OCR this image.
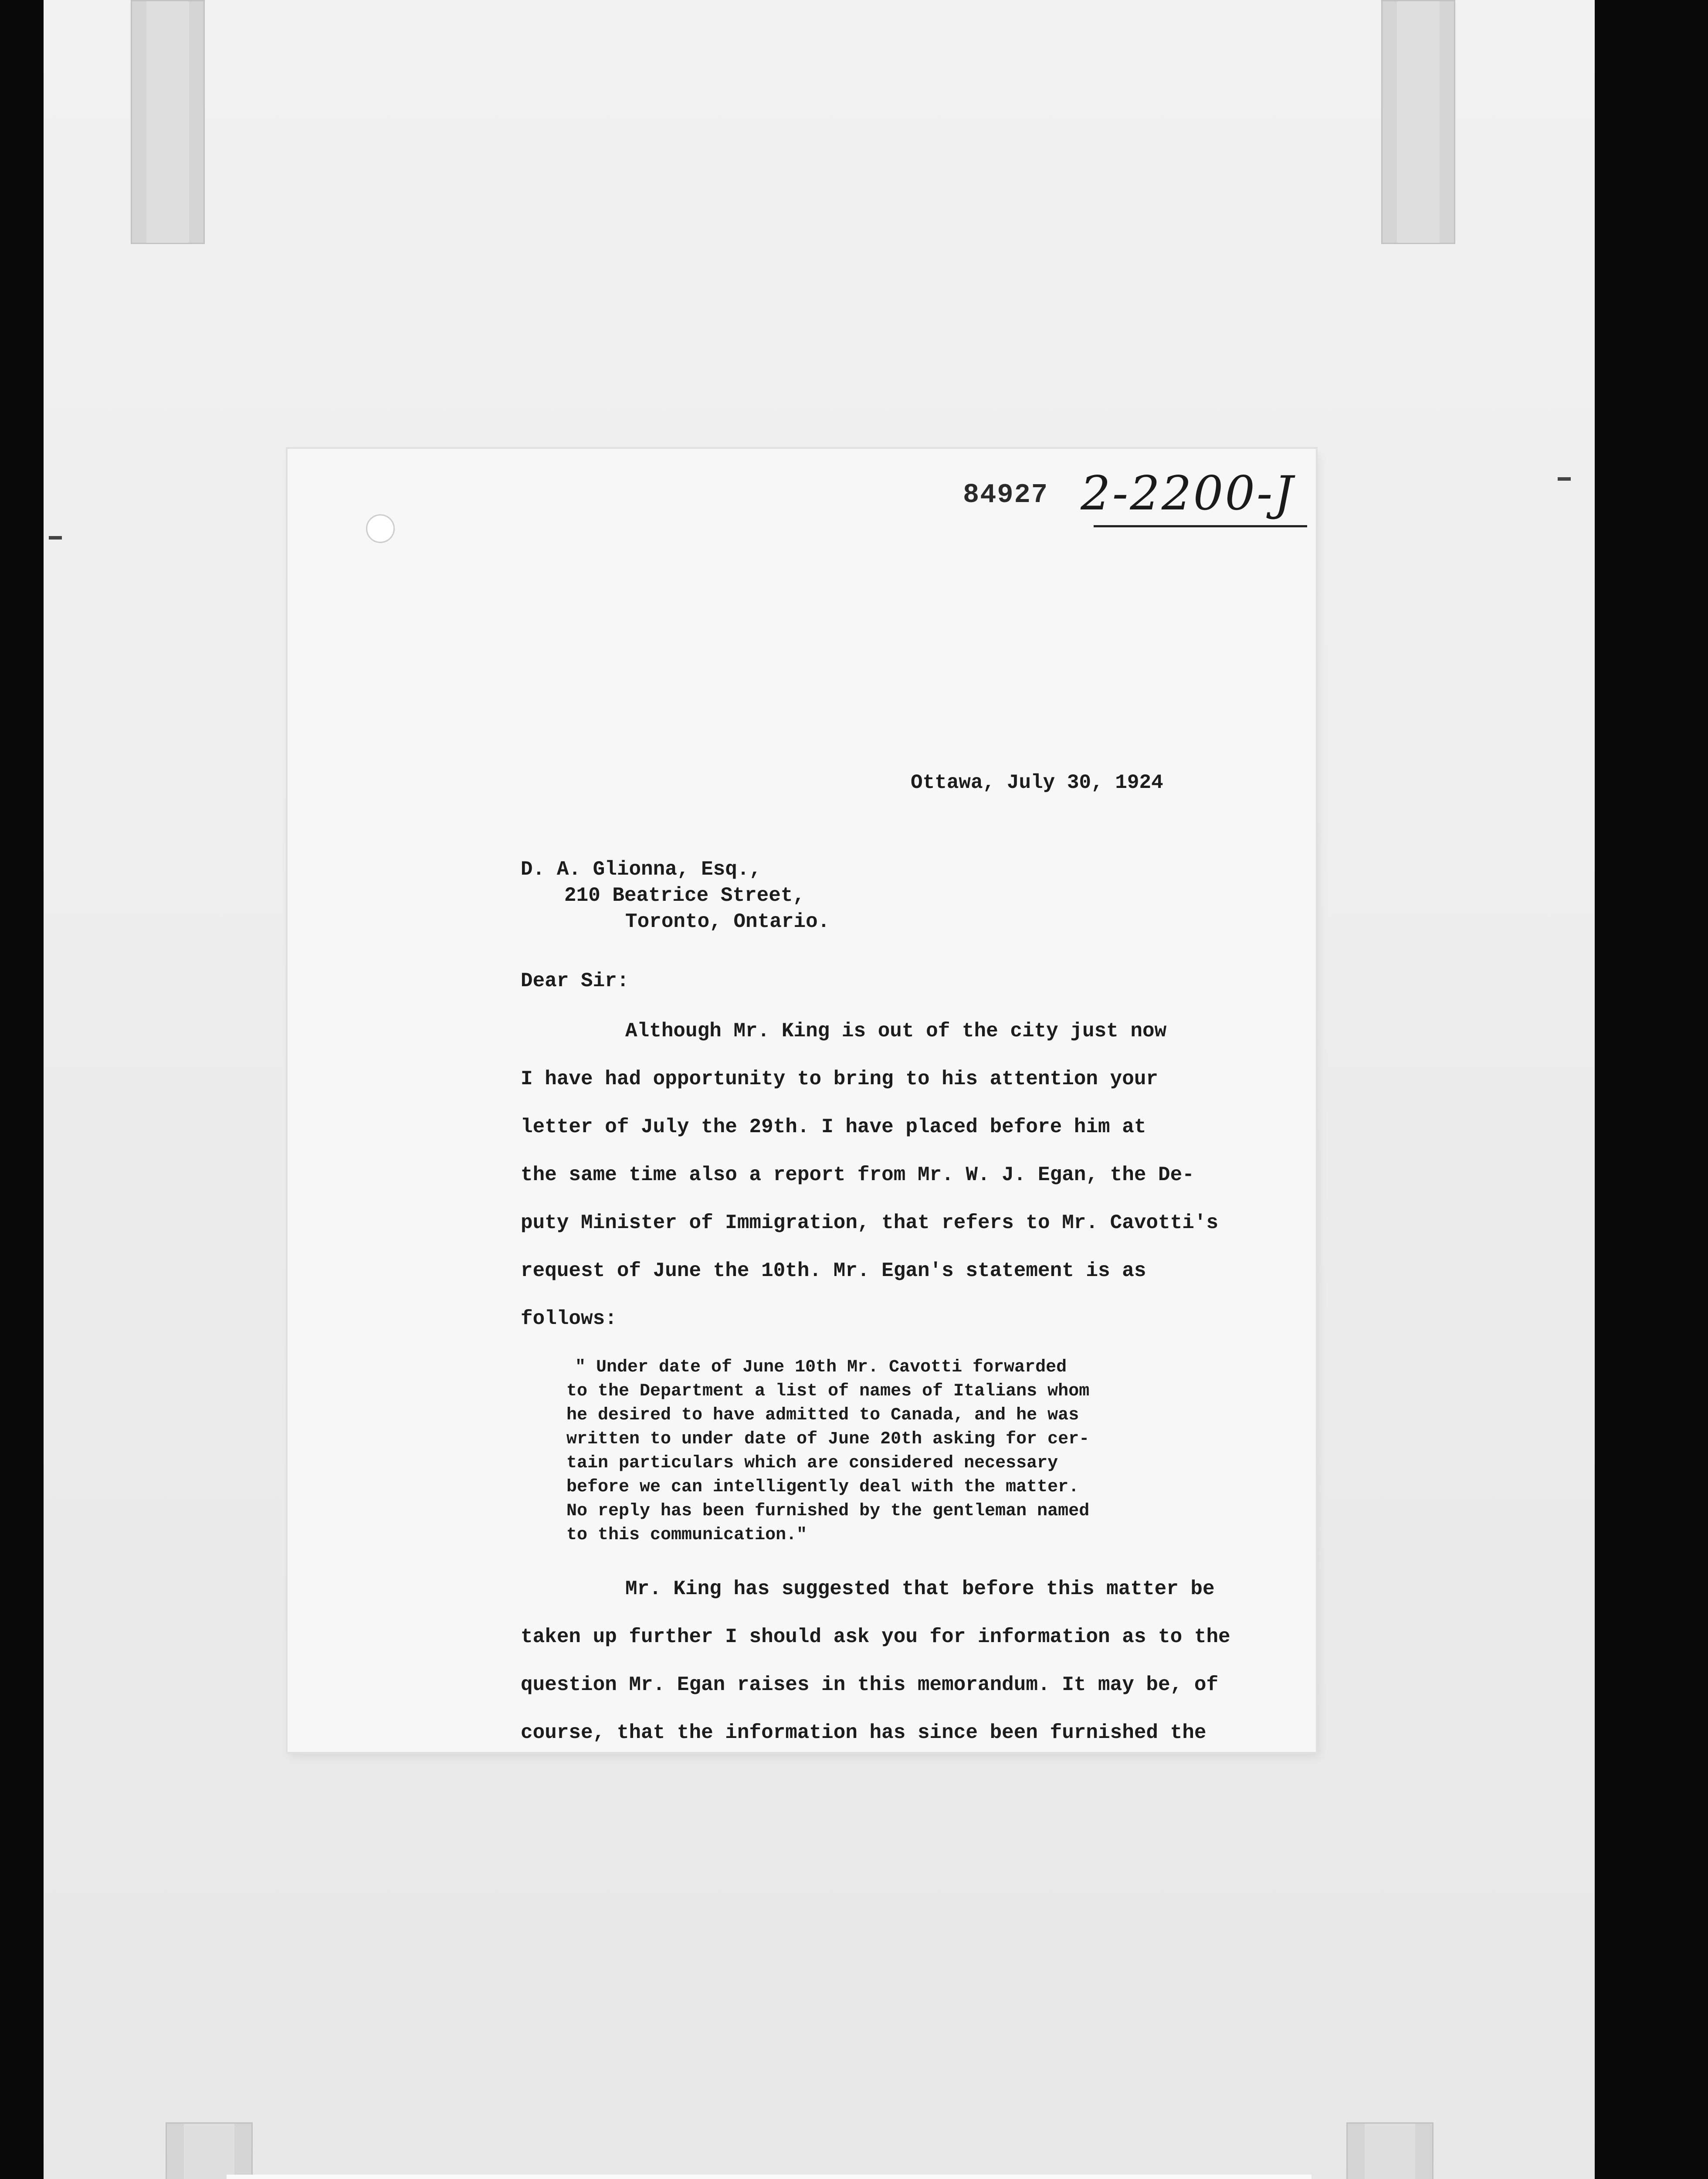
84927 2-2200-J
Ottawa, July 30, 1924
D. A. Glionna, Esq.,
210 Beatrice Street,
Toronto, Ontario.
Dear Sir:
Although Mr. King is out of the city just now
I have had opportunity to bring to his attention your
letter of July the 29th. I have placed before him at
the same time also a report from Mr. W. J. Egan, the De-
puty Minister of Immigration, that refers to Mr. Cavotti's
request of June the 10th. Mr. Egan's statement is as
follows:
" Under date of June 10th Mr. Cavotti forwarded
to the Department a list of names of Italians whom
he desired to have admitted to Canada, and he was
written to under date of June 20th asking for cer-
tain particulars which are considered necessary
before we can intelligently deal with the matter.
No reply has been furnished by the gentleman named
to this communication."
Mr. King has suggested that before this matter be
taken up further I should ask you for information as to the
question Mr. Egan raises in this memorandum. It may be, of
course, that the information has since been furnished the
